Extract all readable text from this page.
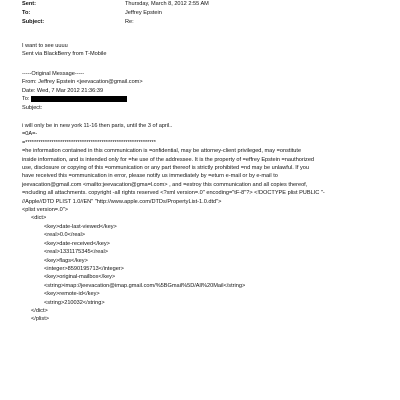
Sent:	Thursday, March 8, 2012 2:55 AM
To:	Jeffrey Epstein
Subject:	Re:
I want to see uuuu
Sent via BlackBerry from T-Mobile
-----Original Message-----
From: Jeffrey Epstein <jeevacation@gmail.com>
Date: Wed, 7 Mar 2012 21:36:39
To:
Subject:
i will only be in new york 11-16 then paris, until the 3 of april..
=0A=-
=************************************************************
=he information contained in this communication is =onfidential, may be attorney-client privileged, may =onstitute
inside information, and is intended only for =he use of the addressee. It is the property of =effrey Epstein =nauthorized
use, disclosure or copying of this =ommunication or any part thereof is strictly prohibited =nd may be unlawful. If you
have received this =ommunication in error, please notify us immediately by =eturn e-mail or by e-mail to
jeevacation@gmail.com <mailto:jeevacation@gma=l.com> , and =estroy this communication and all copies thereof,
=ncluding all attachments. copyright -all rights reserved <?xml version=.0" encoding="tF-8"?> <!DOCTYPE plist PUBLIC "-
//Apple//DTD PLIST 1.0//EN" "http://www.apple.com/DTDs/PropertyList-1.0.dtd">
<plist version=.0">
<dict>
<key>date-last-viewed</key>
<real>0.0</real>
<key>date-received</key>
<real>1331175345</real>
<key>flags</key>
<integer>8590195713</integer>
<key>original-mailbox</key>
<string>imap://jeevacation@imap.gmail.com/%5BGmail%5D/All%20Mail</string>
<key>remote-id</key>
<string>210032</string>
</dict>
</plist>
